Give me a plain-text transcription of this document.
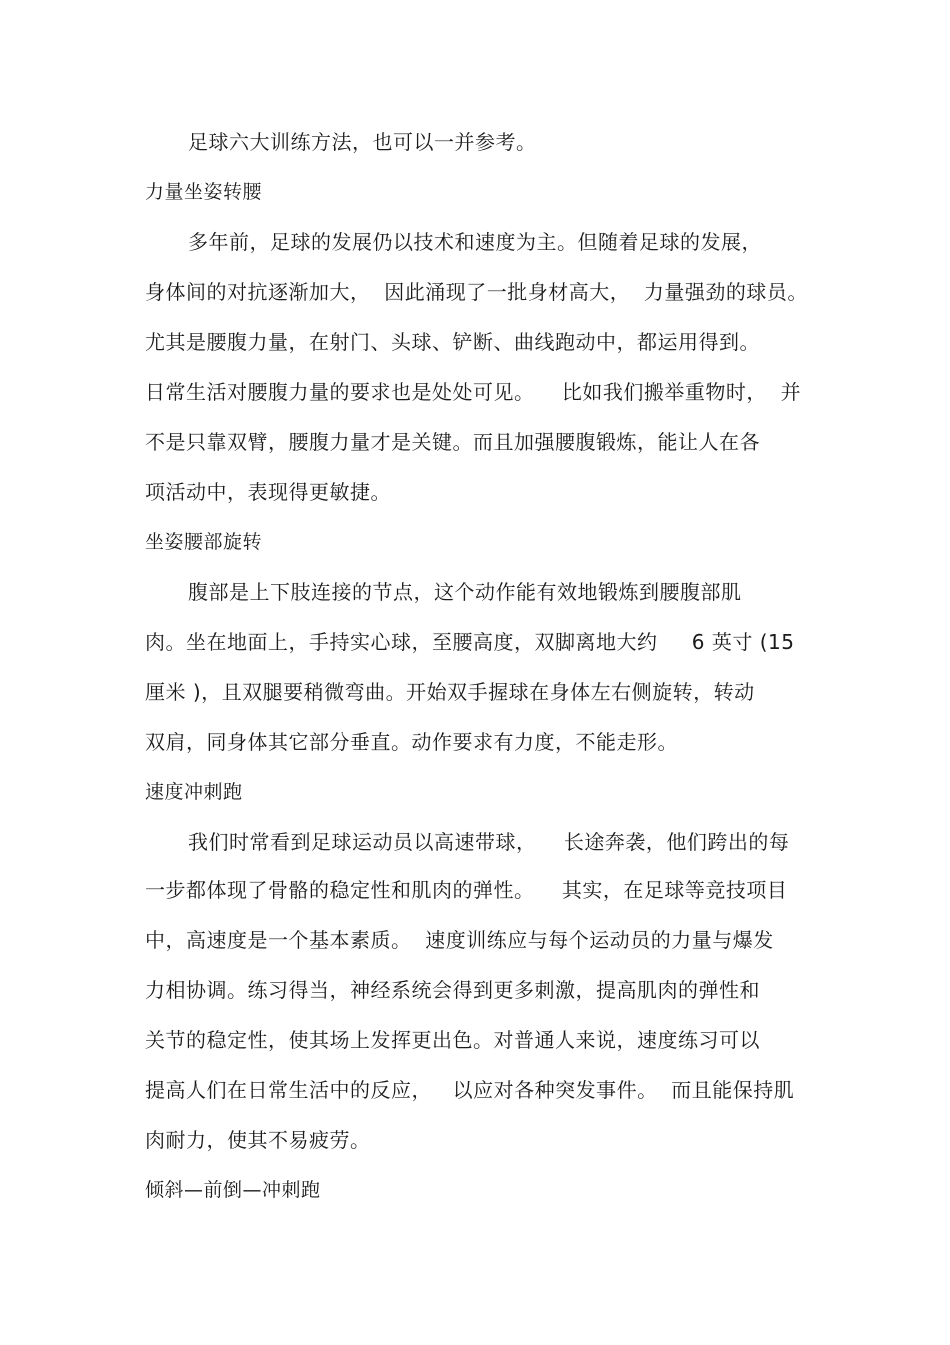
足球六大训练方法，也可以一并参考。
力量坐姿转腰
多年前，足球的发展仍以技术和速度为主。但随着足球的发展，
身体间的对抗逐渐加大，  因此涌现了一批身材高大，  力量强劲的球员。
尤其是腰腹力量，在射门、头球、铲断、曲线跑动中，都运用得到。
日常生活对腰腹力量的要求也是处处可见。    比如我们搬举重物时，  并
不是只靠双臂，腰腹力量才是关键。而且加强腰腹锻炼，能让人在各
项活动中，表现得更敏捷。
坐姿腰部旋转
腹部是上下肢连接的节点，这个动作能有效地锻炼到腰腹部肌
肉。坐在地面上，手持实心球，至腰高度，双脚离地大约     6 英寸 (15
厘米 )，且双腿要稍微弯曲。开始双手握球在身体左右侧旋转，转动
双肩，同身体其它部分垂直。动作要求有力度，不能走形。
速度冲刺跑
我们时常看到足球运动员以高速带球，    长途奔袭，他们跨出的每
一步都体现了骨骼的稳定性和肌肉的弹性。    其实，在足球等竞技项目
中，高速度是一个基本素质。  速度训练应与每个运动员的力量与爆发
力相协调。练习得当，神经系统会得到更多刺激，提高肌肉的弹性和
关节的稳定性，使其场上发挥更出色。对普通人来说，速度练习可以
提高人们在日常生活中的反应，   以应对各种突发事件。  而且能保持肌
肉耐力，使其不易疲劳。
倾斜—前倒—冲刺跑
